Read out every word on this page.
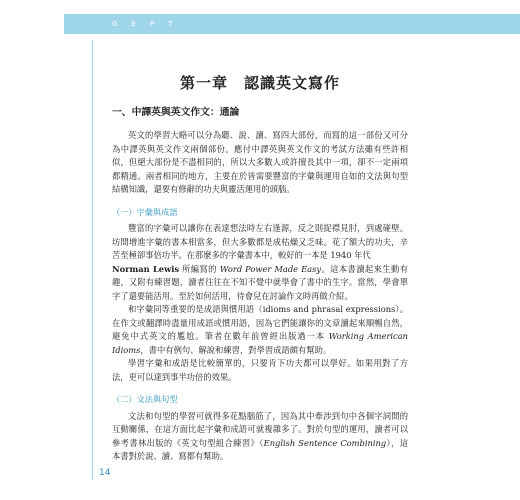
GEPT
第一章　認識英文寫作
一、中譯英與英文作文：通論

英文的學習大略可以分為聽、說、讀、寫四大部份，而寫的這一部份又可分為中譯英與英文作文兩個部份。應付中譯英與英文作文的考試方法雖有些許相似，但絕大部份是不盡相同的，所以大多數人或許擅長其中一項，卻不一定兩項都精通。兩者相同的地方，主要在於皆需要豐富的字彙與運用自如的文法與句型結構知識，還要有修辭的功夫與靈活運用的頭腦。

（一）字彙與成語

豐富的字彙可以讓你在表達想法時左右逢源，反之則捉襟見肘，到處碰壁。坊間增進字彙的書本相當多，但大多數都是成枯燥又乏味。花了額大的功夫，辛苦至極卻事倍功半。在那麼多的字彙書本中，較好的一本是 1940 年代
Norman Lewis 所編寫的 Word Power Made Easy。這本書讀起來生動有趣，又附有練習題，讀者往往在不知不覺中就學會了書中的生字。當然，學會單字了還要能活用。至於如何活用，待會兒在討論作文時再做介紹。

和字彙同等重要的是成語與慣用語（idioms and phrasal expressions）。在作文或翻譯時盡量用成語或慣用語，因為它們能讓你的文章讀起來順暢自然，避免中式英文的尷尬。筆者在數年前曾經出版過一本 Working American Idioms，書中有例句、解說和練習，對學習成語頗有幫助。

學習字彙和成語是比較簡單的，只要肯下功夫都可以學好。如果用對了方法，更可以達到事半功倍的效果。

（二）文法與句型

文法和句型的學習可就得多花點腦筋了，因為其中牽涉到句中各個字詞間的互動關係，在這方面比起字彙和成語可就複雜多了。對於句型的運用，讀者可以參考書林出版的《英文句型組合練習》（English Sentence Combining），這本書對於說、讀、寫都有幫助。

14
